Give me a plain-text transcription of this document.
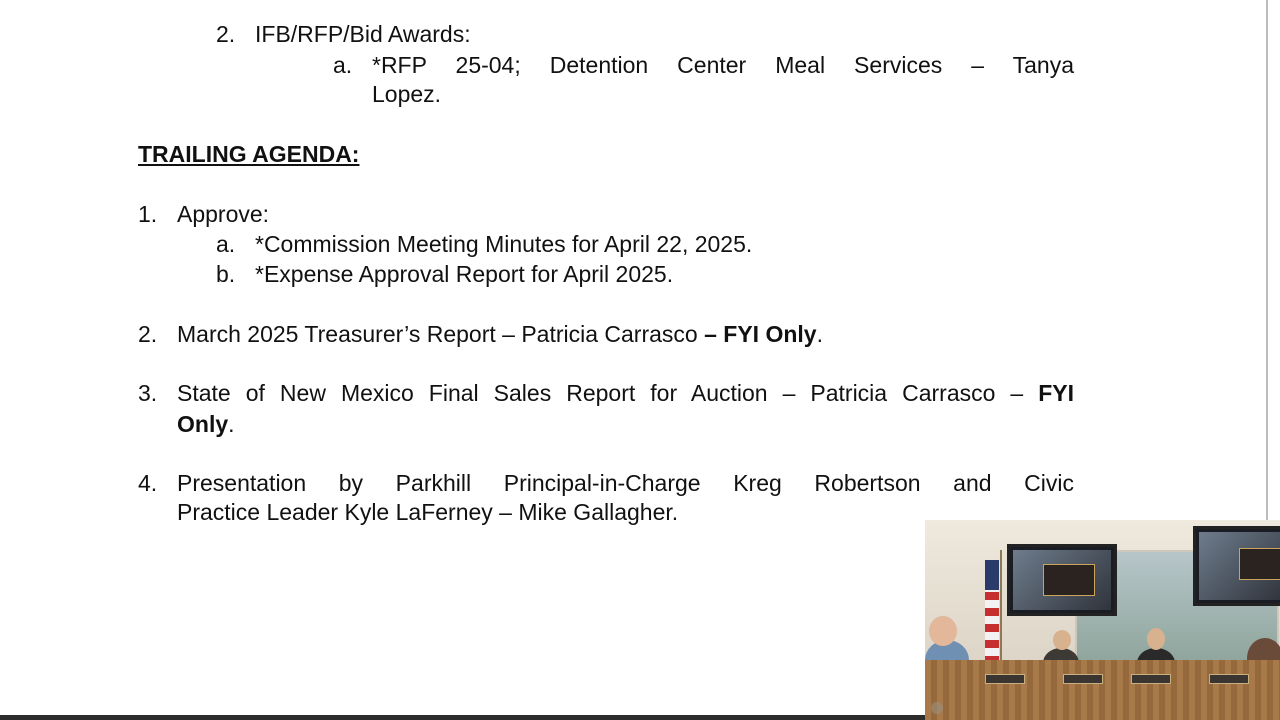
2. IFB/RFP/Bid Awards:
a. *RFP 25-04; Detention Center Meal Services – Tanya
Lopez.
TRAILING AGENDA:
1. Approve:
a. *Commission Meeting Minutes for April 22, 2025.
b. *Expense Approval Report for April 2025.
2. March 2025 Treasurer’s Report – Patricia Carrasco – FYI Only.
3. State of New Mexico Final Sales Report for Auction – Patricia Carrasco – FYI
Only.
4. Presentation by Parkhill Principal-in-Charge Kreg Robertson and Civic
Practice Leader Kyle LaFerney – Mike Gallagher.
